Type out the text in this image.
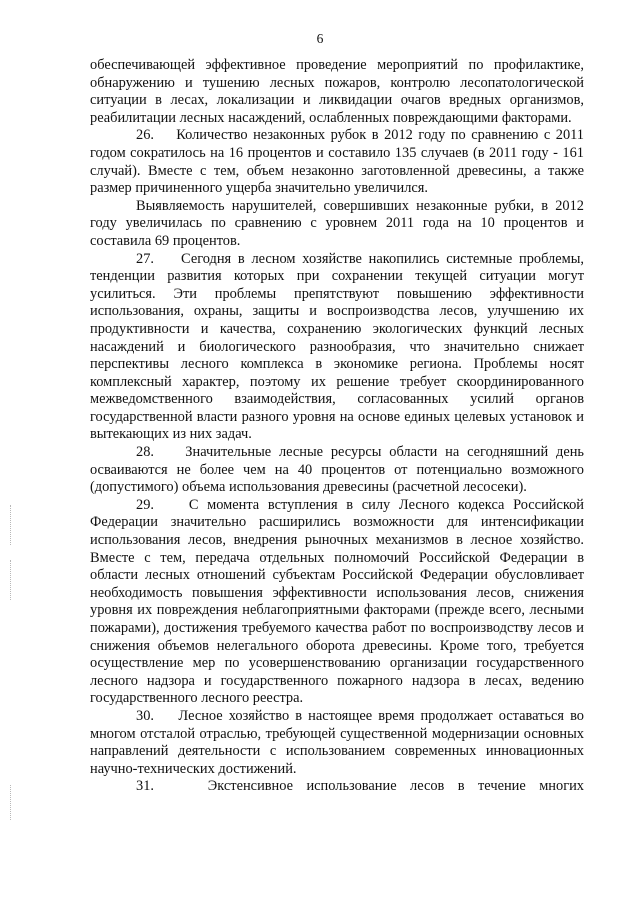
6

обеспечивающей эффективное проведение мероприятий по профилактике, обнаружению и тушению лесных пожаров, контролю лесопатологической ситуации в лесах, локализации и ликвидации очагов вредных организмов, реабилитации лесных насаждений, ослабленных повреждающими факторами.

26. Количество незаконных рубок в 2012 году по сравнению с 2011 годом сократилось на 16 процентов и составило 135 случаев (в 2011 году - 161 случай). Вместе с тем, объем незаконно заготовленной древесины, а также размер причиненного ущерба значительно увеличился.

Выявляемость нарушителей, совершивших незаконные рубки, в 2012 году увеличилась по сравнению с уровнем 2011 года на 10 процентов и составила 69 процентов.

27. Сегодня в лесном хозяйстве накопились системные проблемы, тенденции развития которых при сохранении текущей ситуации могут усилиться. Эти проблемы препятствуют повышению эффективности использования, охраны, защиты и воспроизводства лесов, улучшению их продуктивности и качества, сохранению экологических функций лесных насаждений и биологического разнообразия, что значительно снижает перспективы лесного комплекса в экономике региона. Проблемы носят комплексный характер, поэтому их решение требует скоординированного межведомственного взаимодействия, согласованных усилий органов государственной власти разного уровня на основе единых целевых установок и вытекающих из них задач.

28. Значительные лесные ресурсы области на сегодняшний день осваиваются не более чем на 40 процентов от потенциально возможного (допустимого) объема использования древесины (расчетной лесосеки).

29. С момента вступления в силу Лесного кодекса Российской Федерации значительно расширились возможности для интенсификации использования лесов, внедрения рыночных механизмов в лесное хозяйство. Вместе с тем, передача отдельных полномочий Российской Федерации в области лесных отношений субъектам Российской Федерации обусловливает необходимость повышения эффективности использования лесов, снижения уровня их повреждения неблагоприятными факторами (прежде всего, лесными пожарами), достижения требуемого качества работ по воспроизводству лесов и снижения объемов нелегального оборота древесины. Кроме того, требуется осуществление мер по усовершенствованию организации государственного лесного надзора и государственного пожарного надзора в лесах, ведению государственного лесного реестра.

30. Лесное хозяйство в настоящее время продолжает оставаться во многом отсталой отраслью, требующей существенной модернизации основных направлений деятельности с использованием современных инновационных научно-технических достижений.

31.	Экстенсивное использование лесов в течение многих
